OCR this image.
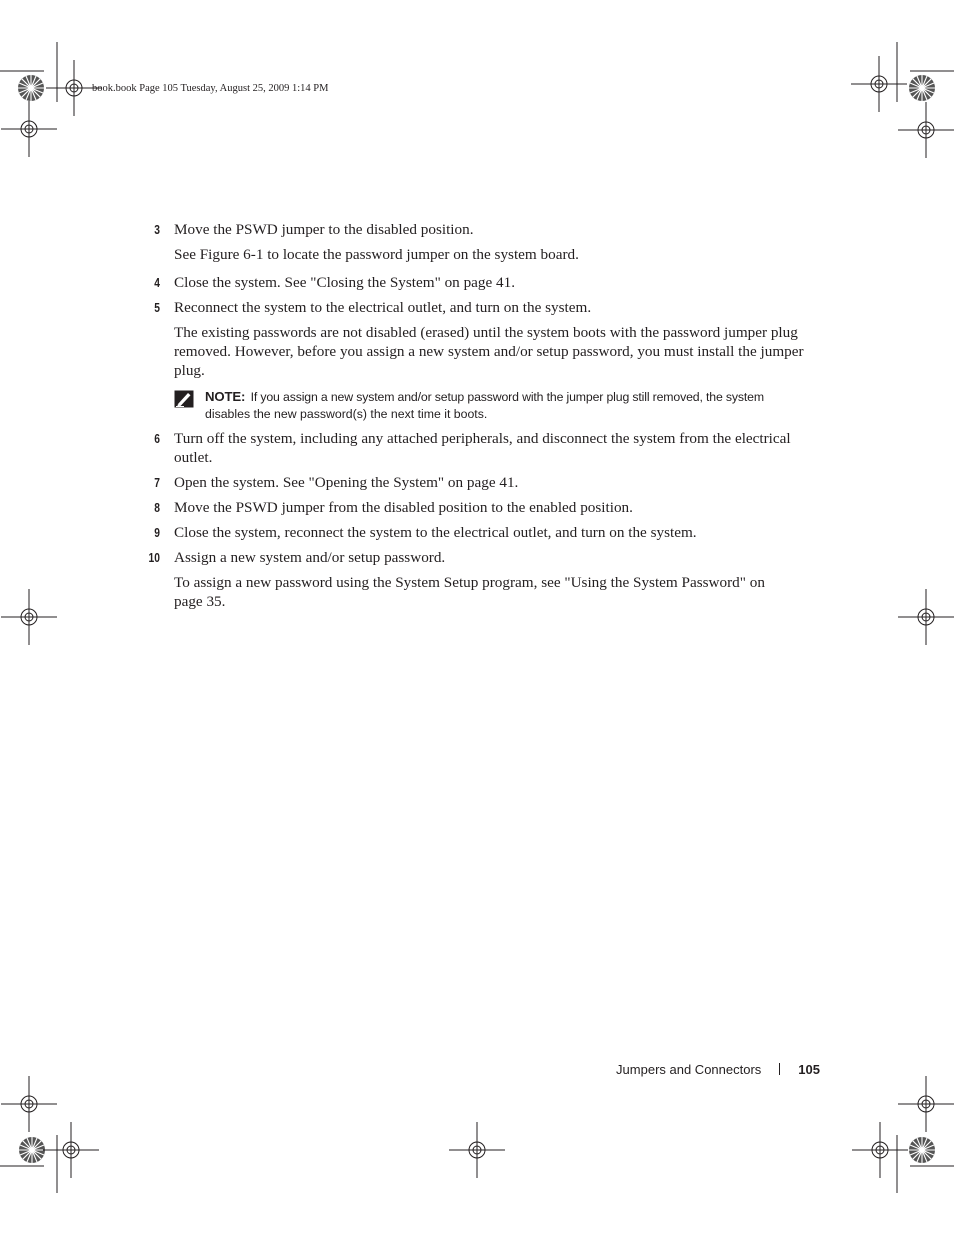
book.book Page 105 Tuesday, August 25, 2009 1:14 PM
3 Move the PSWD jumper to the disabled position.
See Figure 6-1 to locate the password jumper on the system board.
4 Close the system. See "Closing the System" on page 41.
5 Reconnect the system to the electrical outlet, and turn on the system.
The existing passwords are not disabled (erased) until the system boots with the password jumper plug removed. However, before you assign a new system and/or setup password, you must install the jumper plug.
NOTE: If you assign a new system and/or setup password with the jumper plug still removed, the system
disables the new password(s) the next time it boots.
6 Turn off the system, including any attached peripherals, and disconnect the system from the electrical outlet.
7 Open the system. See "Opening the System" on page 41.
8 Move the PSWD jumper from the disabled position to the enabled position.
9 Close the system, reconnect the system to the electrical outlet, and turn on the system.
10 Assign a new system and/or setup password.
To assign a new password using the System Setup program, see "Using the System Password" on
page 35.
Jumpers and Connectors	105
